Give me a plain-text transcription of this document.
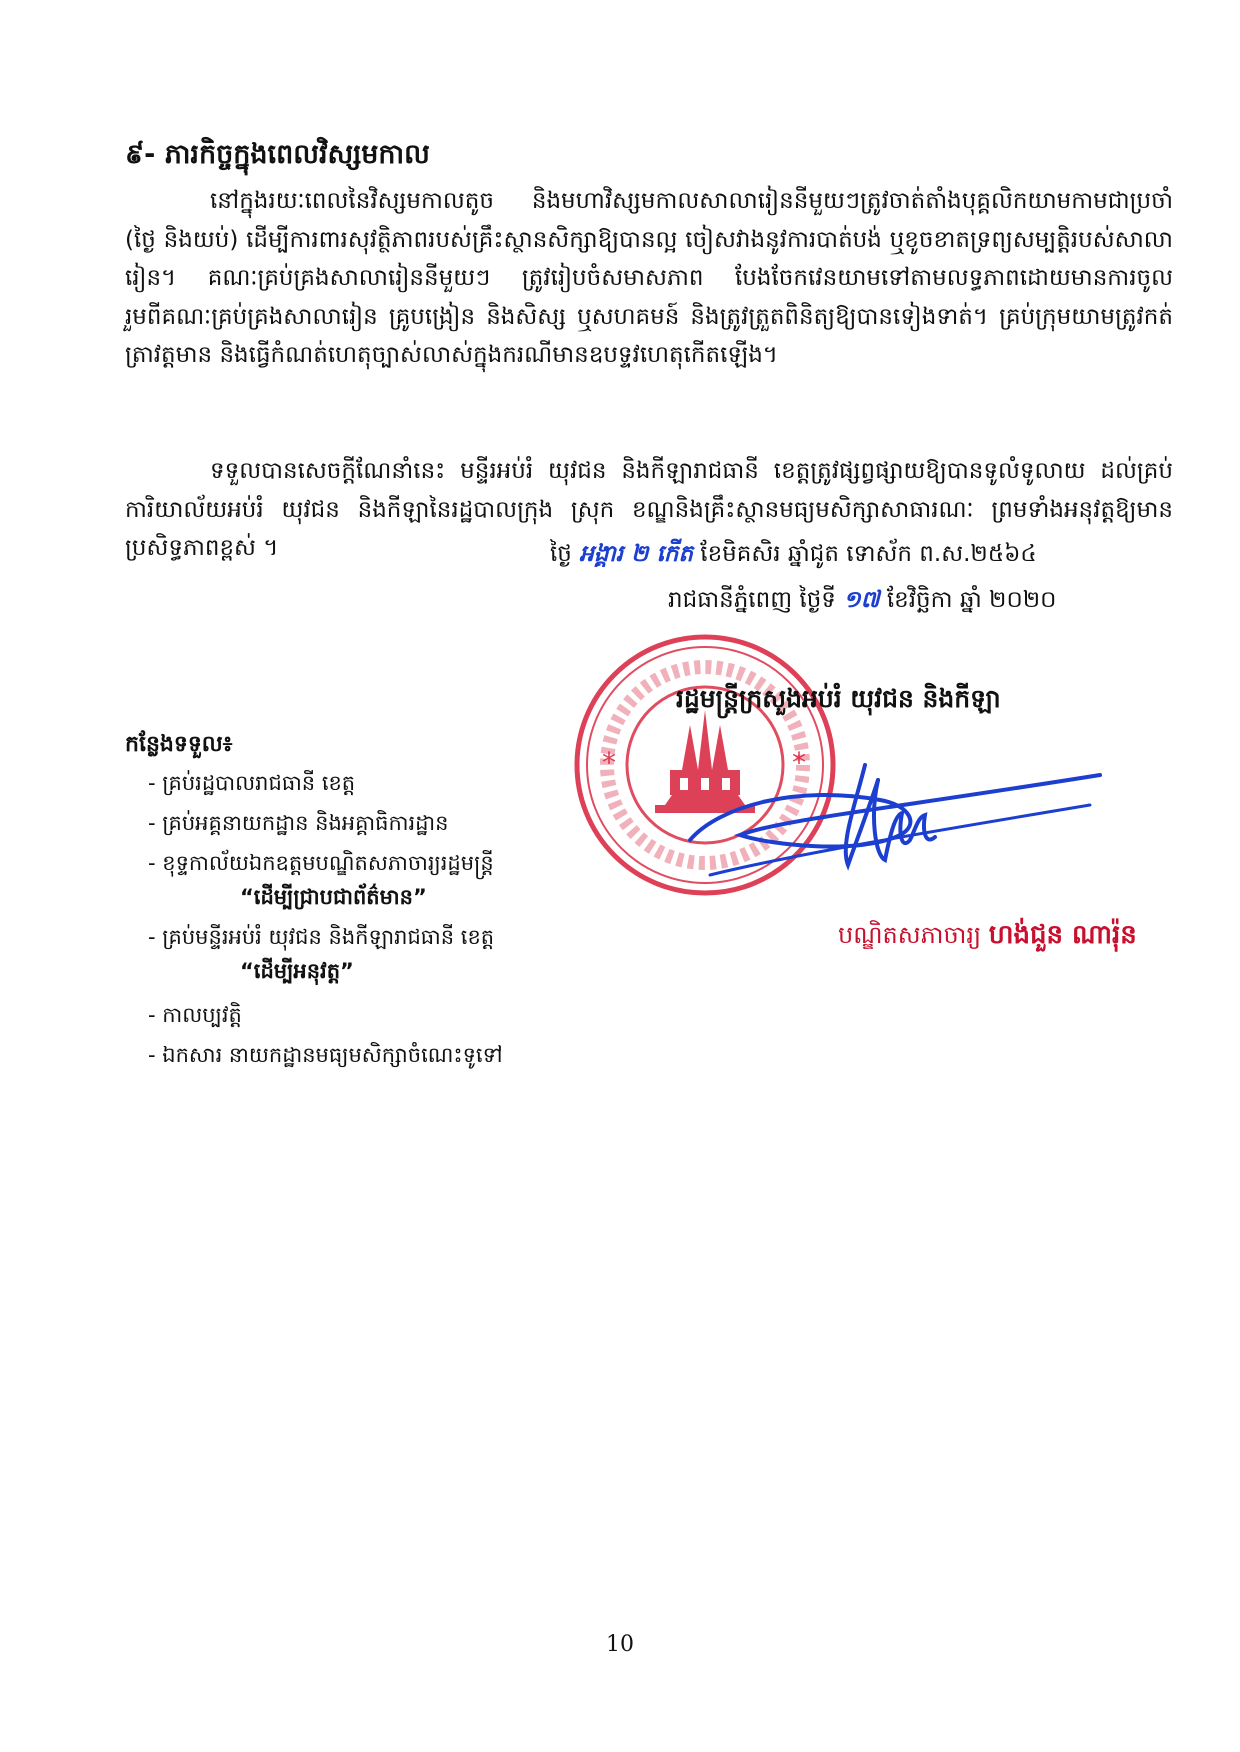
៩- ភារកិច្ចក្នុងពេលវិស្សមកាល

នៅក្នុងរយៈពេលនៃវិស្សមកាលតូច និងមហាវិស្សមកាលសាលារៀននីមួយៗត្រូវចាត់តាំងបុគ្គលិកយាមកាមជាប្រចាំ (ថ្ងៃ និងយប់) ដើម្បីការពារសុវត្ថិភាពរបស់គ្រឹះស្ថានសិក្សាឱ្យបានល្អ ចៀសវាងនូវការបាត់បង់ ឬខូចខាតទ្រព្យសម្បត្តិរបស់សាលារៀន។ គណៈគ្រប់គ្រងសាលារៀននីមួយៗ ត្រូវរៀបចំសមាសភាព បែងចែកវេនយាមទៅតាមលទ្ធភាពដោយមានការចូលរួមពីគណៈគ្រប់គ្រងសាលារៀន គ្រូបង្រៀន និងសិស្ស ឬសហគមន៍ និងត្រូវត្រួតពិនិត្យឱ្យបានទៀងទាត់។ គ្រប់ក្រុមយាមត្រូវកត់ត្រាវត្តមាន និងធ្វើកំណត់ហេតុច្បាស់លាស់ក្នុងករណីមានឧបទ្ទវហេតុកើតឡើង។

ទទួលបានសេចក្តីណែនាំនេះ មន្ទីរអប់រំ យុវជន និងកីឡារាជធានី ខេត្តត្រូវផ្សព្វផ្សាយឱ្យបានទូលំទូលាយ ដល់គ្រប់ការិយាល័យអប់រំ យុវជន និងកីឡានៃរដ្ឋបាលក្រុង ស្រុក ខណ្ឌនិងគ្រឹះស្ថានមធ្យមសិក្សាសាធារណៈ ព្រមទាំងអនុវត្តឱ្យមានប្រសិទ្ធភាពខ្ពស់ ។

*	*
ថ្ងៃ អង្គារ ២ កើត ខែមិគសិរ ឆ្នាំជូត ទោស័ក ព.ស.២៥៦៤
រាជធានីភ្នំពេញ ថ្ងៃទី ១៧ ខែវិច្ឆិកា ឆ្នាំ ២០២០
រដ្ឋមន្ត្រីក្រសួងអប់រំ យុវជន និងកីឡា
កន្លែងទទួល៖
- គ្រប់រដ្ឋបាលរាជធានី ខេត្ត
- គ្រប់អគ្គនាយកដ្ឋាន និងអគ្គាធិការដ្ឋាន
- ខុទ្ទកាល័យឯកឧត្តមបណ្ឌិតសភាចារ្យរដ្ឋមន្ត្រី
“ដើម្បីជ្រាបជាព័ត៌មាន”
- គ្រប់មន្ទីរអប់រំ យុវជន និងកីឡារាជធានី ខេត្ត
“ដើម្បីអនុវត្ត”
- កាលប្បវត្តិ
- ឯកសារ នាយកដ្ឋានមធ្យមសិក្សាចំណេះទូទៅ
បណ្ឌិតសភាចារ្យ ហង់ជួន ណារ៉ុន
10
